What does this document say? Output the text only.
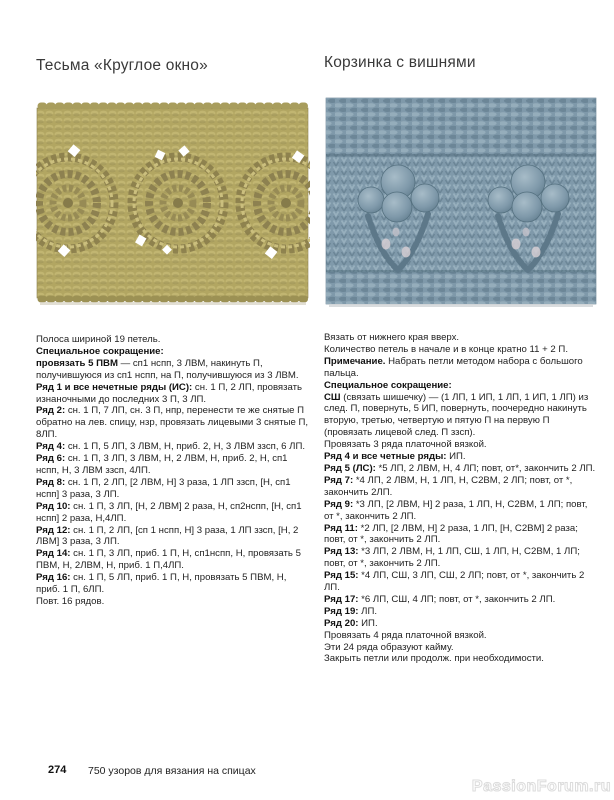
Тесьма «Круглое окно»

Полоса шириной 19 петель.

Специальное сокращение:

провязать 5 ПВМ — сп1 нспп, 3 ЛВМ, накинуть П, получившуюся из сп1 нспп, на П, получившуюся из 3 ЛВМ.

Ряд 1 и все нечетные ряды (ИС): сн. 1 П, 2 ЛП, провязать изнаночными до последних 3 П, 3 ЛП.

Ряд 2: сн. 1 П, 7 ЛП, сн. 3 П, нпр, перенести те же снятые П обратно на лев. спицу, нзр, провязать лицевыми 3 снятые П, 8ЛП.

Ряд 4: сн. 1 П, 5 ЛП, 3 ЛВМ, Н, приб. 2, Н, 3 ЛВМ ззсп, 6 ЛП.

Ряд 6: сн. 1 П, 3 ЛП, 3 ЛВМ, Н, 2 ЛВМ, Н, приб. 2, Н, сп1 нспп, Н, 3 ЛВМ ззсп, 4ЛП.

Ряд 8: сн. 1 П, 2 ЛП, [2 ЛВМ, Н] 3 раза, 1 ЛП ззсп, [Н, сп1 нспп] 3 раза, 3 ЛП.

Ряд 10: сн. 1 П, 3 ЛП, [Н, 2 ЛВМ] 2 раза, Н, сп2нспп, [Н, сп1 нспп] 2 раза, Н,4ЛП.

Ряд 12: сн. 1 П, 2 ЛП, [сп 1 нспп, Н] 3 раза, 1 ЛП ззсп, [Н, 2 ЛВМ] 3 раза, 3 ЛП.

Ряд 14: сн. 1 П, 3 ЛП, приб. 1 П, Н, сп1нспп, Н, провязать 5 ПВМ, Н, 2ЛВМ, Н, приб. 1 П,4ЛП.

Ряд 16: сн. 1 П, 5 ЛП, приб. 1 П, Н, провязать 5 ПВМ, Н, приб. 1 П, 6ЛП.

Повт. 16 рядов.

Корзинка с вишнями

Вязать от нижнего края вверх.

Количество петель в начале и в конце кратно 11 + 2 П.

Примечание. Набрать петли методом набора с большого пальца.

Специальное сокращение:

СШ (связать шишечку) — (1 ЛП, 1 ИП, 1 ЛП, 1 ИП, 1 ЛП) из след. П, повернуть, 5 ИП, повернуть, поочередно накинуть вторую, третью, четвертую и пятую П на первую П (провязать лицевой след. П ззсп).

Провязать 3 ряда платочной вязкой.

Ряд 4 и все четные ряды: ИП.

Ряд 5 (ЛС): *5 ЛП, 2 ЛВМ, Н, 4 ЛП; повт, от*, закончить 2 ЛП.

Ряд 7: *4 ЛП, 2 ЛВМ, Н, 1 ЛП, Н, С2ВМ, 2 ЛП; повт, от *, закончить 2ЛП.

Ряд 9: *3 ЛП, [2 ЛВМ, Н] 2 раза, 1 ЛП, Н, С2ВМ, 1 ЛП; повт, от *, закончить 2 ЛП.

Ряд 11: *2 ЛП, [2 ЛВМ, Н] 2 раза, 1 ЛП, [Н, С2ВМ] 2 раза; повт, от *, закончить 2 ЛП.

Ряд 13: *3 ЛП, 2 ЛВМ, Н, 1 ЛП, СШ, 1 ЛП, Н, С2ВМ, 1 ЛП; повт, от *, закончить 2 ЛП.

Ряд 15: *4 ЛП, СШ, 3 ЛП, СШ, 2 ЛП; повт, от *, закончить 2 ЛП.

Ряд 17: *6 ЛП, СШ, 4 ЛП; повт, от *, закончить 2 ЛП.

Ряд 19: ЛП.

Ряд 20: ИП.

Провязать 4 ряда платочной вязкой.

Эти 24 ряда образуют кайму.

Закрыть петли или продолж. при необходимости.

274 750 узоров для вязания на спицах
PassionForum.ru
